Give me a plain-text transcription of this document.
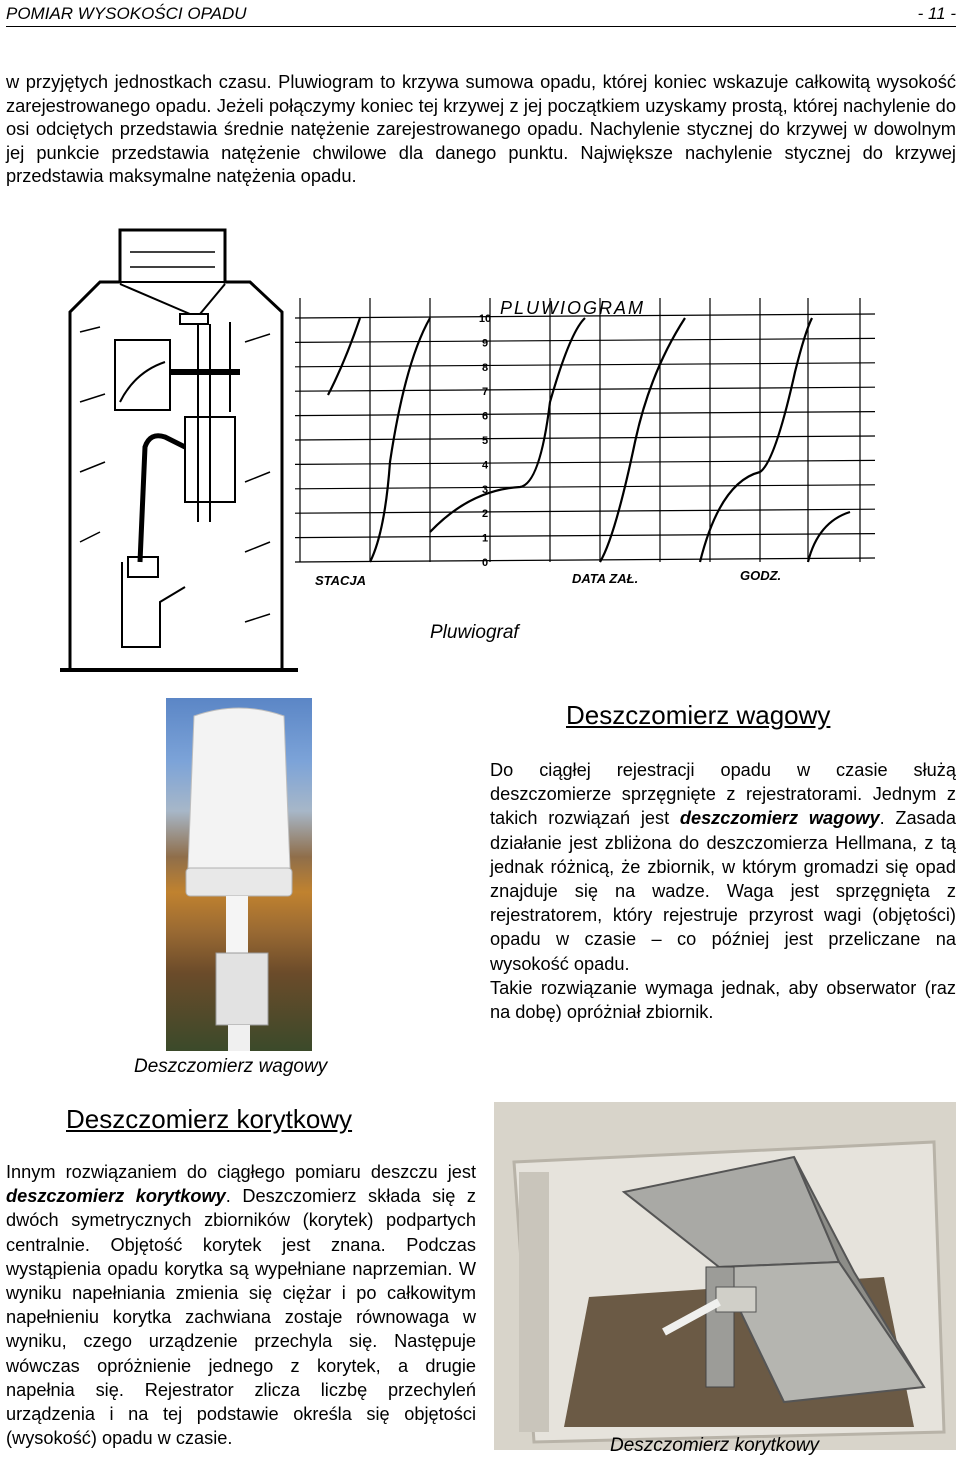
POMIAR WYSOKOŚCI OPADU	- 11 -
w przyjętych jednostkach czasu. Pluwiogram to krzywa sumowa opadu, której koniec wskazuje całkowitą wysokość zarejestrowanego opadu. Jeżeli połączymy koniec tej krzywej z jej początkiem uzyskamy prostą, której nachylenie do osi odciętych przedstawia średnie natężenie zarejestrowanego opadu. Nachylenie stycznej do krzywej w dowolnym jej punkcie przedstawia natężenie chwilowe dla danego punktu. Największe nachylenie stycznej do krzywej przedstawia maksymalne natężenia opadu.
PLUWIOGRAM
10
9
8
7
6
5
4
3
2
1
0
STACJA	DATA ZAŁ.	GODZ.
Pluwiograf
Deszczomierz wagowy
Deszczomierz wagowy
Do ciągłej rejestracji opadu w czasie służą deszczomierze sprzęgnięte z rejestratorami. Jednym z takich rozwiązań jest deszczomierz wagowy. Zasada działanie jest zbliżona do deszczomierza Hellmana, z tą jednak różnicą, że zbiornik, w którym gromadzi się opad znajduje się na wadze. Waga jest sprzęgnięta z rejestratorem, który rejestruje przyrost wagi (objętości) opadu w czasie – co później jest przeliczane na wysokość opadu.
Takie rozwiązanie wymaga jednak, aby obserwator (raz na dobę) opróżniał zbiornik.
Deszczomierz korytkowy
Innym rozwiązaniem do ciągłego pomiaru deszczu jest deszczomierz korytkowy. Deszczomierz składa się z dwóch symetrycznych zbiorników (korytek) podpartych centralnie. Objętość korytek jest znana. Podczas wystąpienia opadu korytka są wypełniane naprzemian. W wyniku napełniania zmienia się ciężar i po całkowitym napełnieniu korytka zachwiana zostaje równowaga w wyniku, czego urządzenie przechyla się. Następuje wówczas opróżnienie jednego z korytek, a drugie napełnia się. Rejestrator zlicza liczbę przechyleń urządzenia i na tej podstawie określa się objętości (wysokość) opadu w czasie.	Deszczomierz korytkowy
